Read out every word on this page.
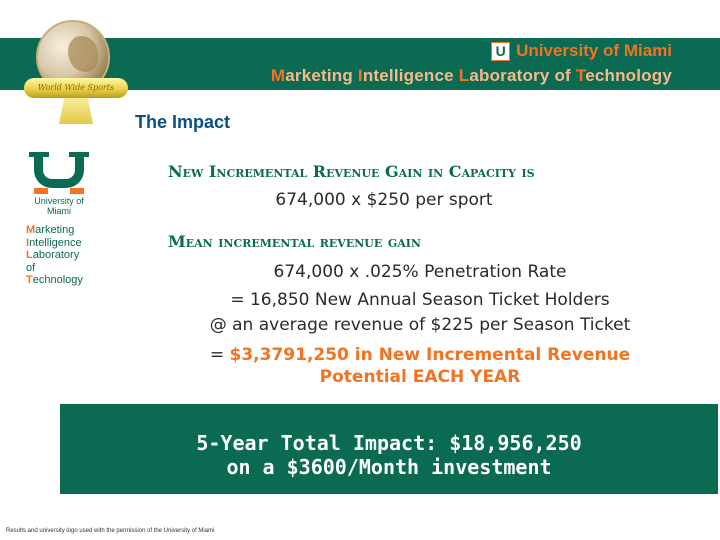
World Wide Sports
U University of Miami
Marketing Intelligence Laboratory of Technology
The Impact
University of Miami
Marketing
Intelligence
Laboratory
of
Technology
New Incremental Revenue Gain in Capacity is
674,000 x $250 per sport
Mean incremental revenue gain
674,000 x .025% Penetration Rate
= 16,850 New Annual Season Ticket Holders
@ an average revenue of $225 per Season Ticket
= $3,3791,250 in New Incremental Revenue
Potential EACH YEAR
5-Year Total Impact: $18,956,250
on a $3600/Month investment
Results and university logo used with the permission of the University of Miami
